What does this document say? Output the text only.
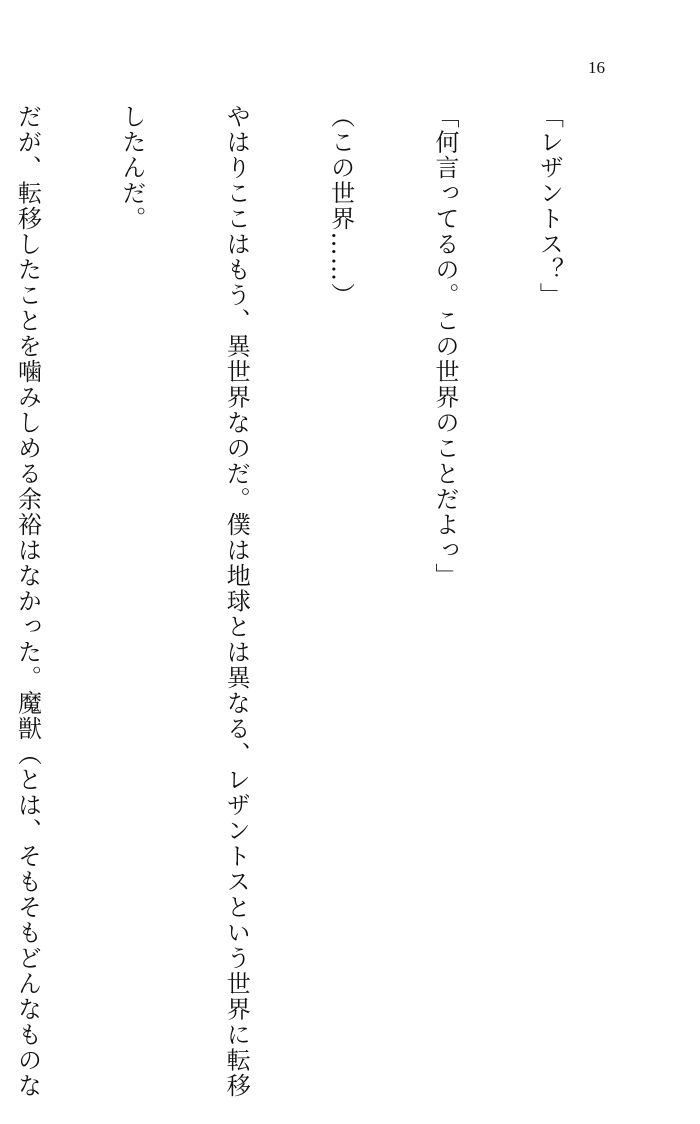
16

「レザントス？」

「何言ってるの。この世界のことだよっ」

（この世界……）

やはりここはもう、異世界なのだ。僕は地球とは異なる、レザントスという世界に転移

したんだ。

だが、転移したことを噛みしめる余裕はなかった。魔獣（とは、そもそもどんなものな
